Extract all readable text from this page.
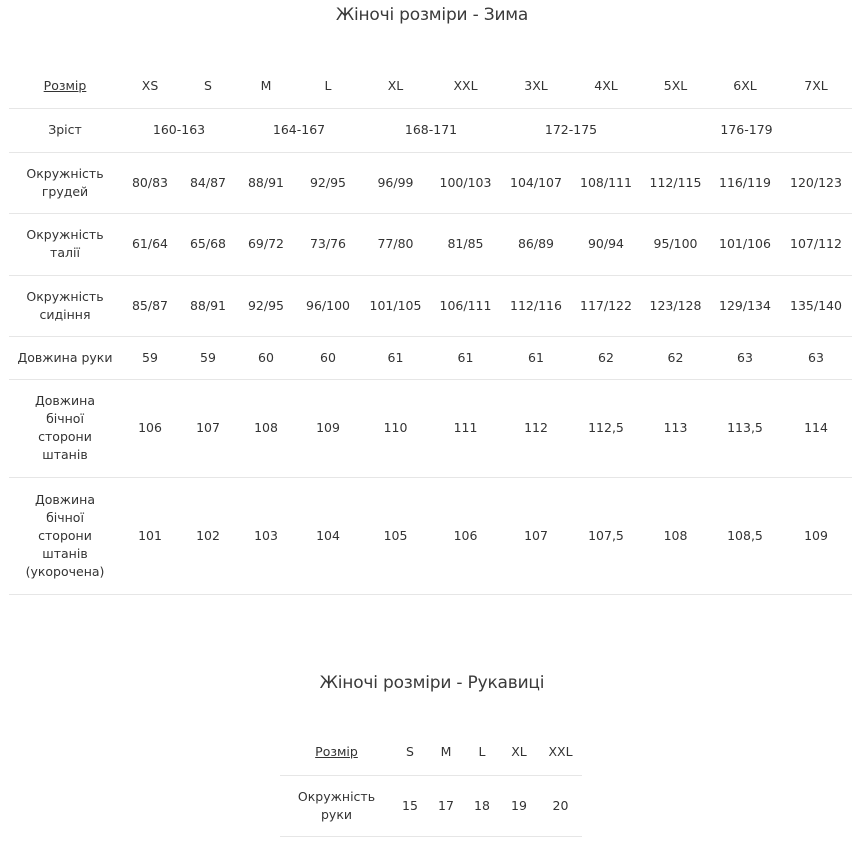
Жіночі розміри - Зима
Розмір	XS	S	M	L	XL	XXL	3XL	4XL	5XL	6XL	7XL
Зріст	160-163		164-167		168-171		172-175		176-179		
Окружність
грудей	80/83	84/87	88/91	92/95	96/99	100/103	104/107	108/111	112/115	116/119	120/123
Окружність
талії	61/64	65/68	69/72	73/76	77/80	81/85	86/89	90/94	95/100	101/106	107/112
Окружність
сидіння	85/87	88/91	92/95	96/100	101/105	106/111	112/116	117/122	123/128	129/134	135/140
Довжина руки	59	59	60	60	61	61	61	62	62	63	63
Довжина
бічної
сторони
штанів	106	107	108	109	110	111	112	112,5	113	113,5	114
Довжина
бічної
сторони
штанів
(укорочена)	101	102	103	104	105	106	107	107,5	108	108,5	109
Жіночі розміри - Рукавиці
Розмір	S	M	L	XL	XXL
Окружність
руки	15	17	18	19	20
